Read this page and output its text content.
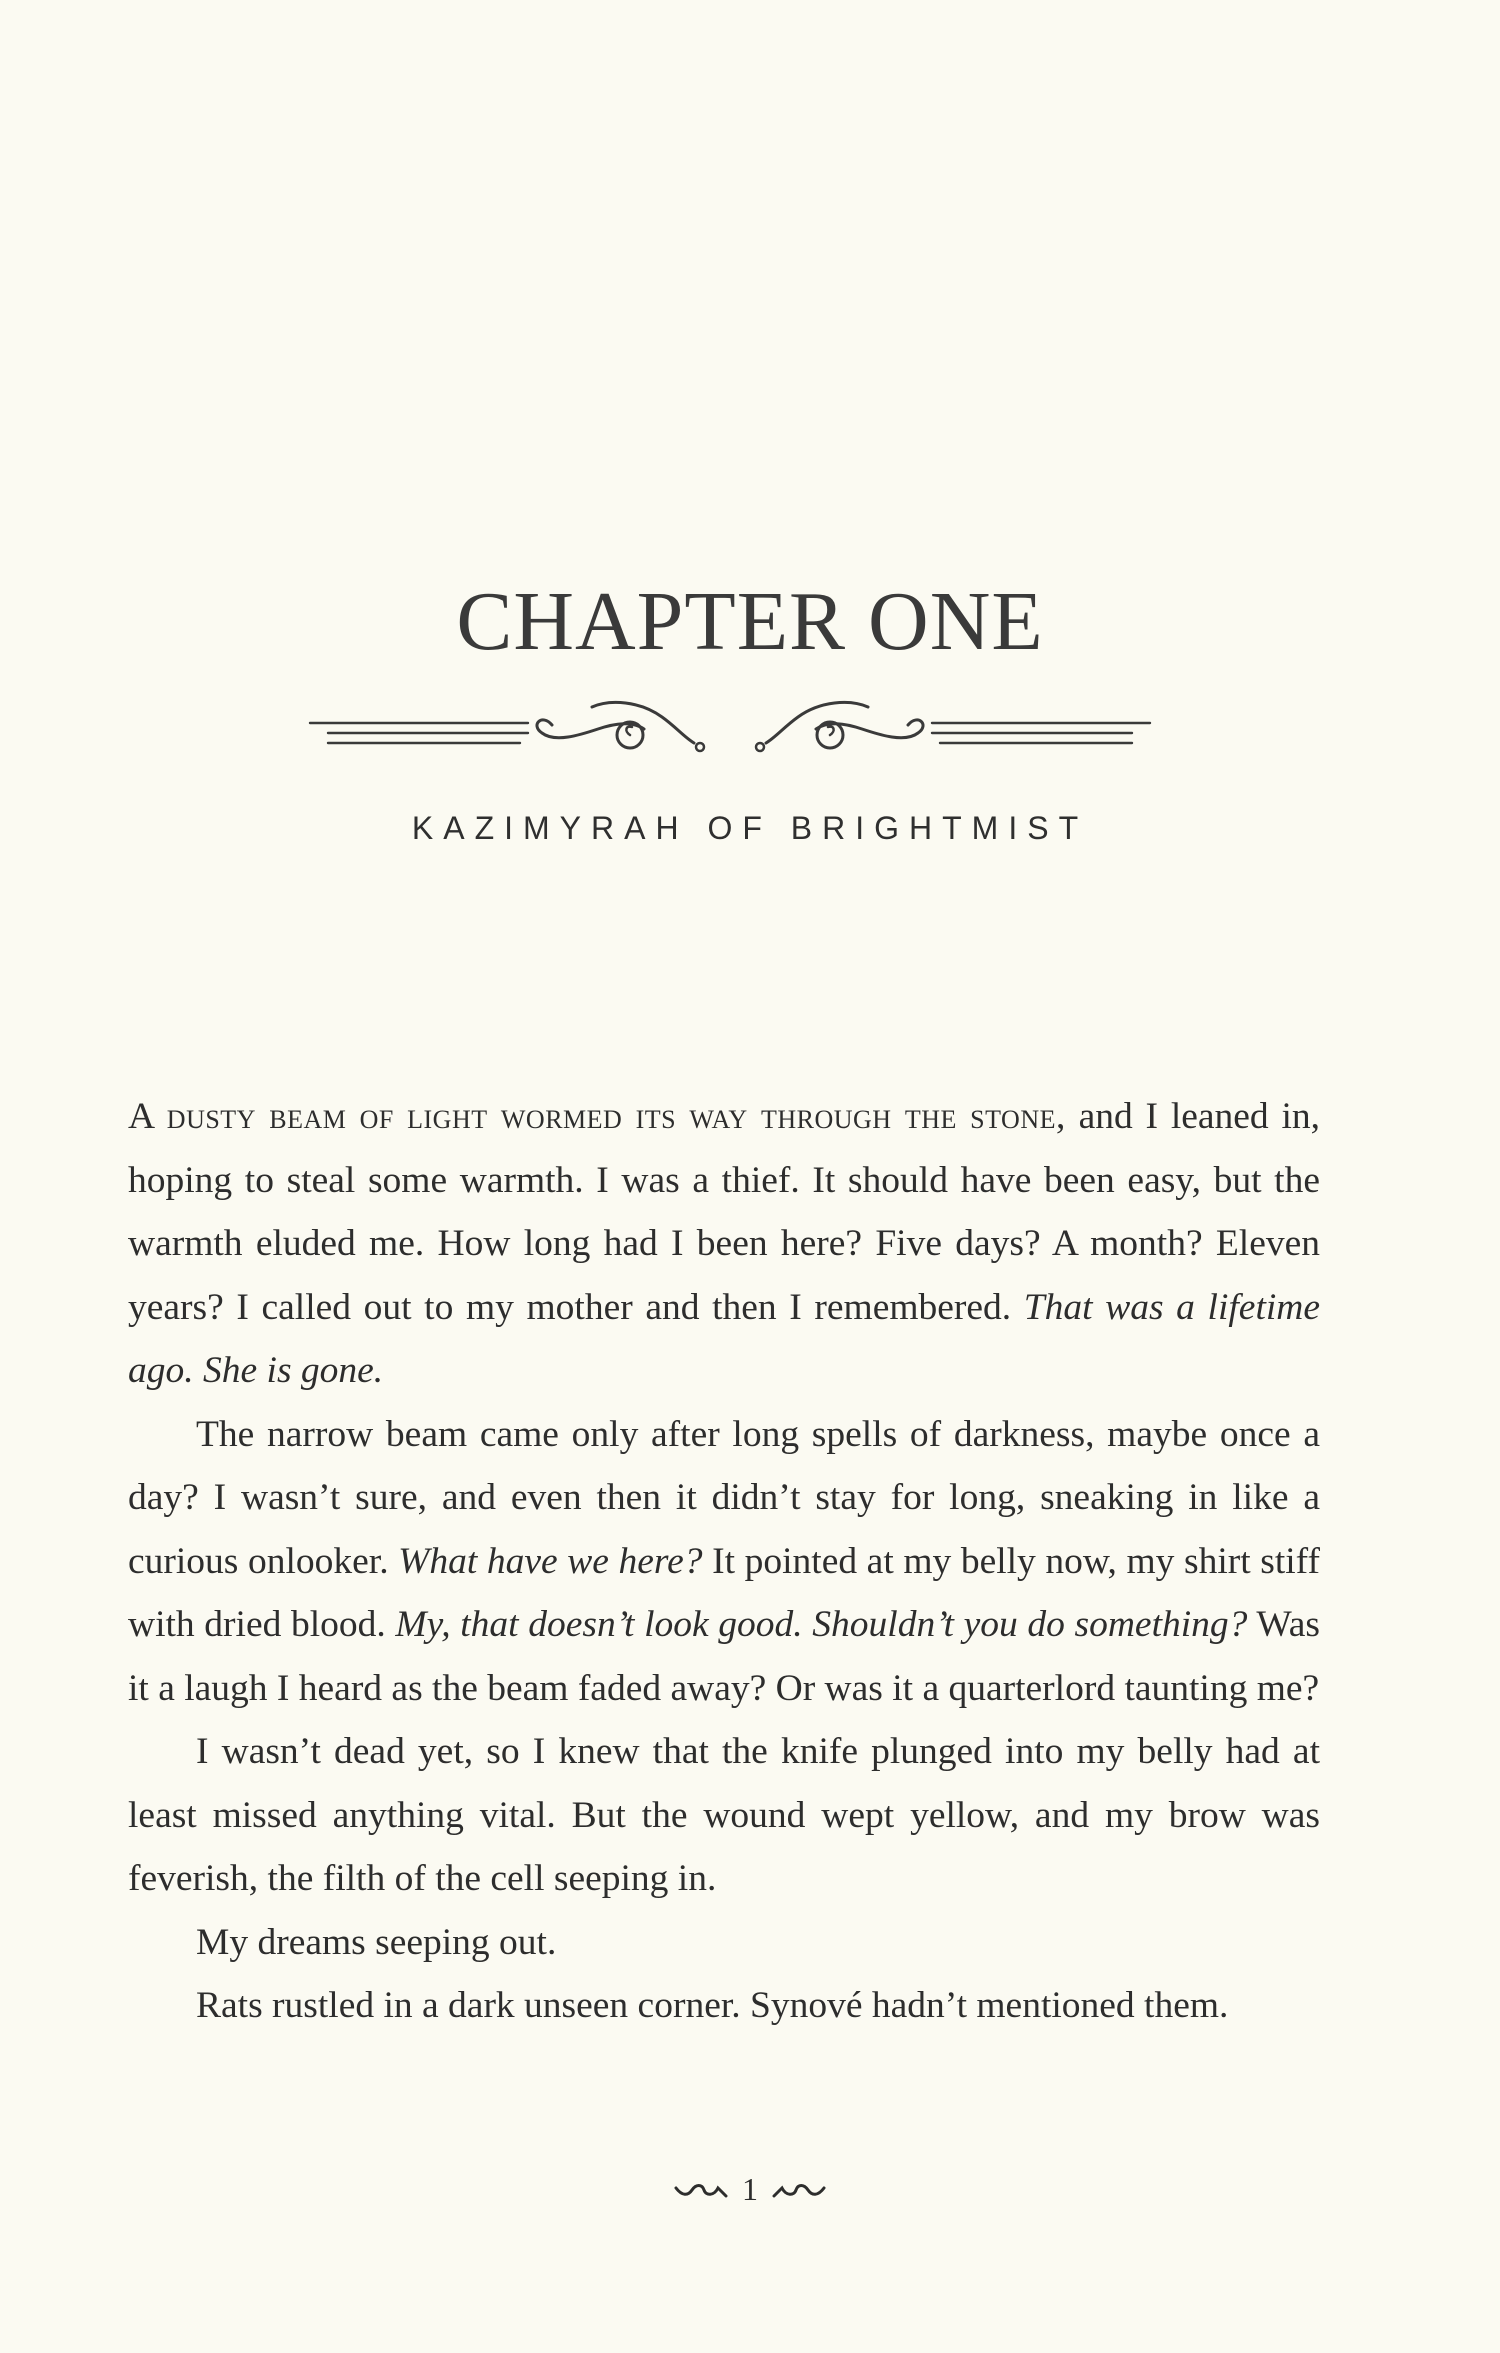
CHAPTER ONE
KAZIMYRAH OF BRIGHTMIST

A dusty beam of light wormed its way through the stone, and I leaned in, hoping to steal some warmth. I was a thief. It should have been easy, but the warmth eluded me. How long had I been here? Five days? A month? Eleven years? I called out to my mother and then I remembered. That was a lifetime ago. She is gone.

The narrow beam came only after long spells of darkness, maybe once a day? I wasn’t sure, and even then it didn’t stay for long, sneaking in like a curious onlooker. What have we here? It pointed at my belly now, my shirt stiff with dried blood. My, that doesn’t look good. Shouldn’t you do something? Was it a laugh I heard as the beam faded away? Or was it a quarterlord taunting me?

I wasn’t dead yet, so I knew that the knife plunged into my belly had at least missed anything vital. But the wound wept yellow, and my brow was feverish, the filth of the cell seeping in.

My dreams seeping out.

Rats rustled in a dark unseen corner. Synové hadn’t mentioned them.

1
